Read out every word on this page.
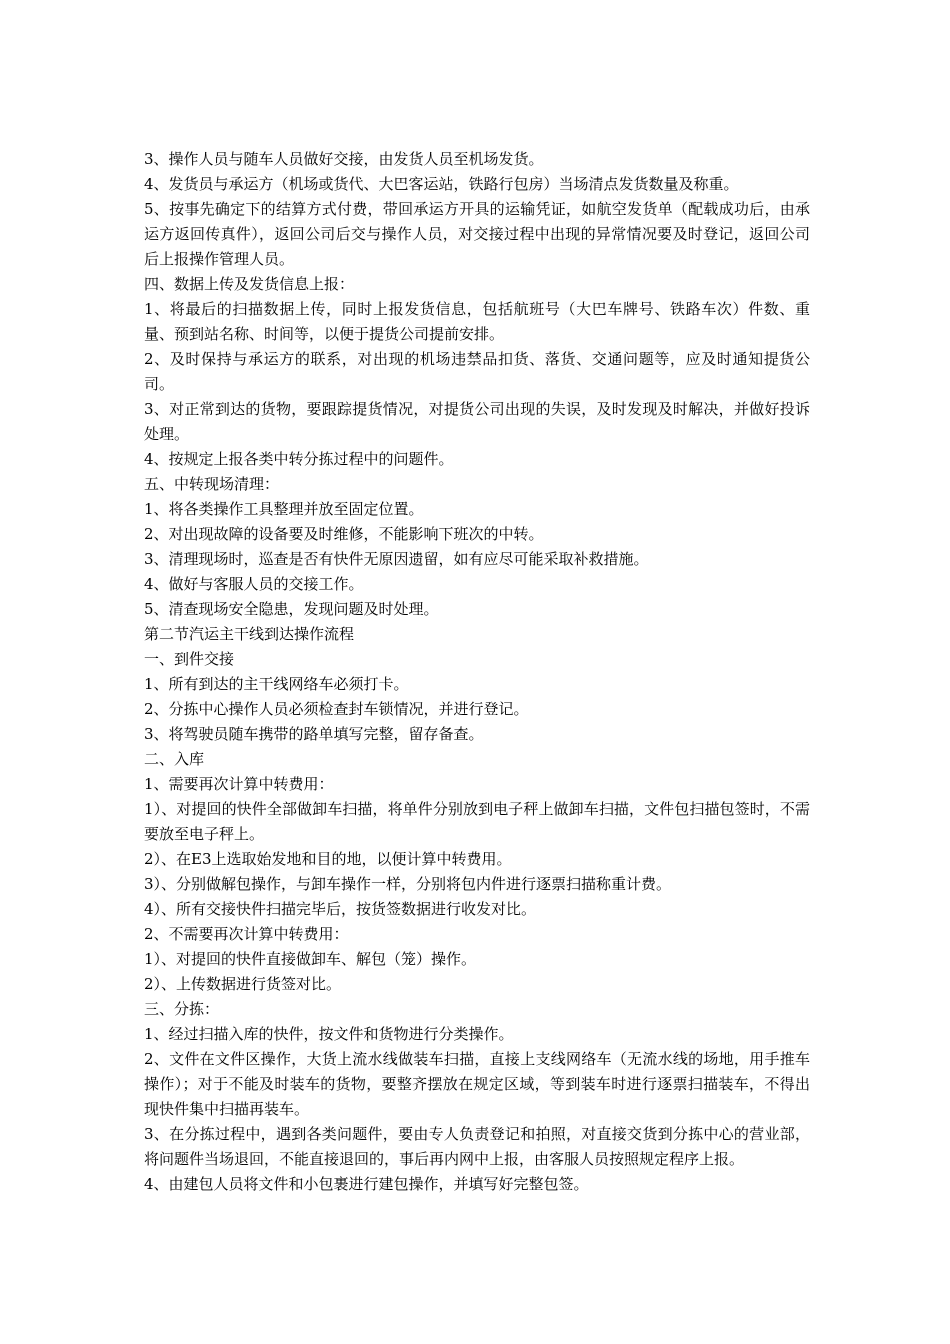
3、操作人员与随车人员做好交接，由发货人员至机场发货。

4、发货员与承运方（机场或货代、大巴客运站，铁路行包房）当场清点发货数量及称重。

5、按事先确定下的结算方式付费，带回承运方开具的运输凭证，如航空发货单（配载成功后，由承运方返回传真件），返回公司后交与操作人员，对交接过程中出现的异常情况要及时登记，返回公司后上报操作管理人员。

四、数据上传及发货信息上报：

1、将最后的扫描数据上传，同时上报发货信息，包括航班号（大巴车牌号、铁路车次）件数、重量、预到站名称、时间等，以便于提货公司提前安排。

2、及时保持与承运方的联系，对出现的机场违禁品扣货、落货、交通问题等，应及时通知提货公司。

3、对正常到达的货物，要跟踪提货情况，对提货公司出现的失误，及时发现及时解决，并做好投诉处理。

4、按规定上报各类中转分拣过程中的问题件。

五、中转现场清理：

1、将各类操作工具整理并放至固定位置。

2、对出现故障的设备要及时维修，不能影响下班次的中转。

3、清理现场时，巡查是否有快件无原因遗留，如有应尽可能采取补救措施。

4、做好与客服人员的交接工作。

5、清查现场安全隐患，发现问题及时处理。

第二节汽运主干线到达操作流程

一、到件交接

1、所有到达的主干线网络车必须打卡。

2、分拣中心操作人员必须检查封车锁情况，并进行登记。

3、将驾驶员随车携带的路单填写完整，留存备查。

二、入库

1、需要再次计算中转费用：

1）、对提回的快件全部做卸车扫描，将单件分别放到电子秤上做卸车扫描，文件包扫描包签时，不需要放至电子秤上。

2）、在E3上选取始发地和目的地，以便计算中转费用。

3）、分别做解包操作，与卸车操作一样，分别将包内件进行逐票扫描称重计费。

4）、所有交接快件扫描完毕后，按货签数据进行收发对比。

2、不需要再次计算中转费用：

1）、对提回的快件直接做卸车、解包（笼）操作。

2）、上传数据进行货签对比。

三、分拣：

1、经过扫描入库的快件，按文件和货物进行分类操作。

2、文件在文件区操作，大货上流水线做装车扫描，直接上支线网络车（无流水线的场地，用手推车操作）；对于不能及时装车的货物，要整齐摆放在规定区域，等到装车时进行逐票扫描装车，不得出现快件集中扫描再装车。

3、在分拣过程中，遇到各类问题件，要由专人负责登记和拍照，对直接交货到分拣中心的营业部，将问题件当场退回，不能直接退回的，事后再内网中上报，由客服人员按照规定程序上报。

4、由建包人员将文件和小包裹进行建包操作，并填写好完整包签。
